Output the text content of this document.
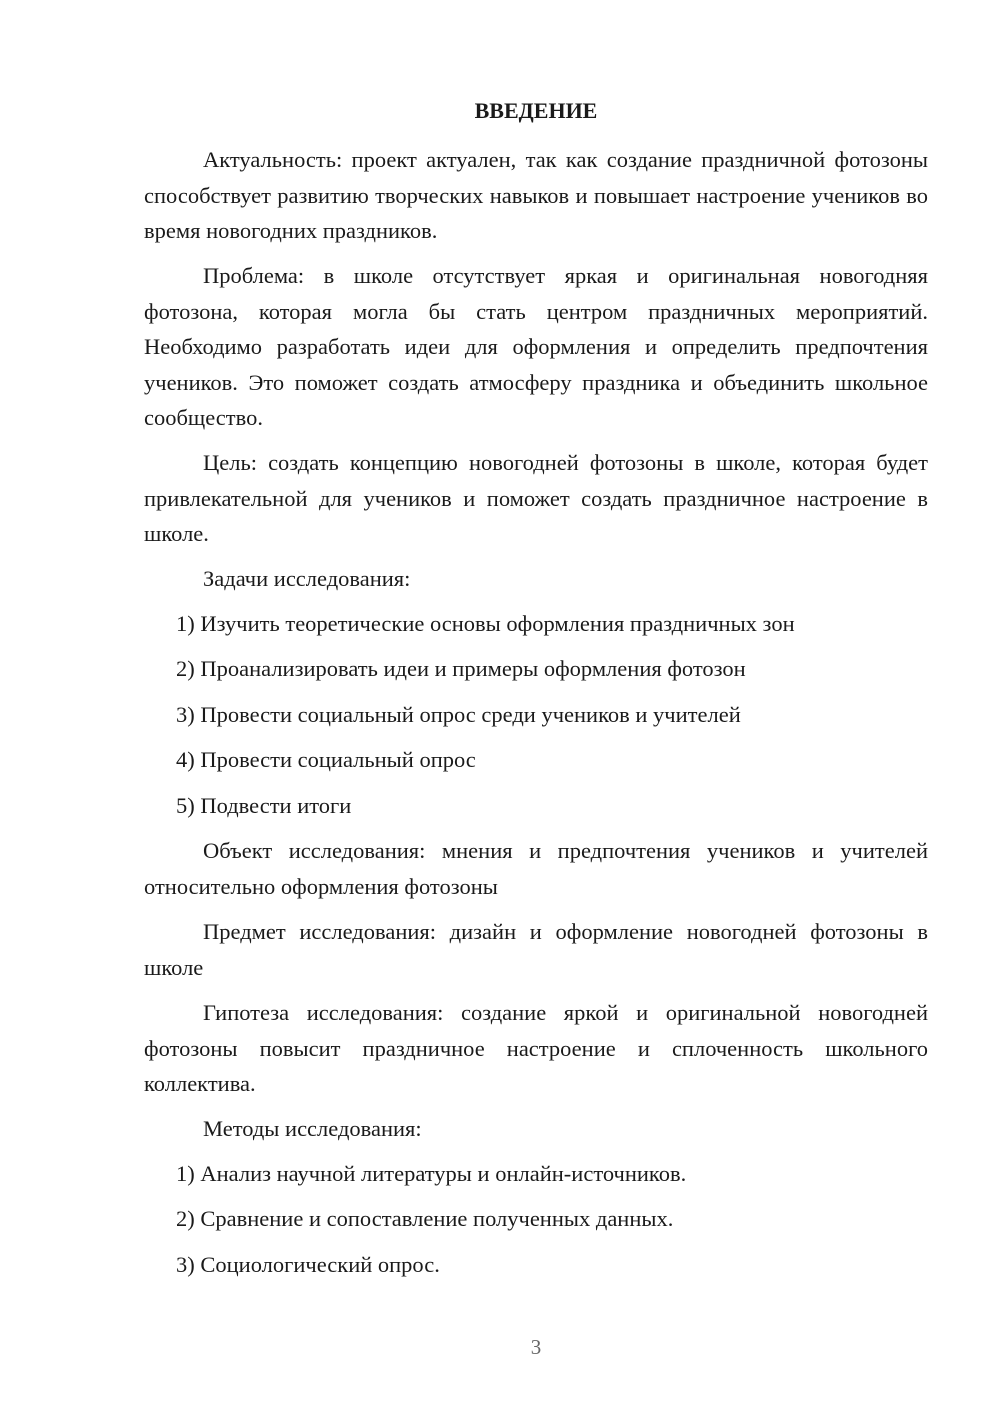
ВВЕДЕНИЕ

Актуальность: проект актуален, так как создание праздничной фотозоны способствует развитию творческих навыков и повышает настроение учеников во время новогодних праздников.

Проблема: в школе отсутствует яркая и оригинальная новогодняя фотозона, которая могла бы стать центром праздничных мероприятий. Необходимо разработать идеи для оформления и определить предпочтения учеников. Это поможет создать атмосферу праздника и объединить школьное сообщество.

Цель: создать концепцию новогодней фотозоны в школе, которая будет привлекательной для учеников и поможет создать праздничное настроение в школе.

Задачи исследования:

1) Изучить теоретические основы оформления праздничных зон

2) Проанализировать идеи и примеры оформления фотозон

3) Провести социальный опрос среди учеников и учителей

4) Провести социальный опрос

5) Подвести итоги

Объект исследования: мнения и предпочтения учеников и учителей относительно оформления фотозоны

Предмет исследования: дизайн и оформление новогодней фотозоны в школе

Гипотеза исследования: создание яркой и оригинальной новогодней фотозоны повысит праздничное настроение и сплоченность школьного коллектива.

Методы исследования:

1) Анализ научной литературы и онлайн-источников.

2) Сравнение и сопоставление полученных данных.

3) Социологический опрос.

3
